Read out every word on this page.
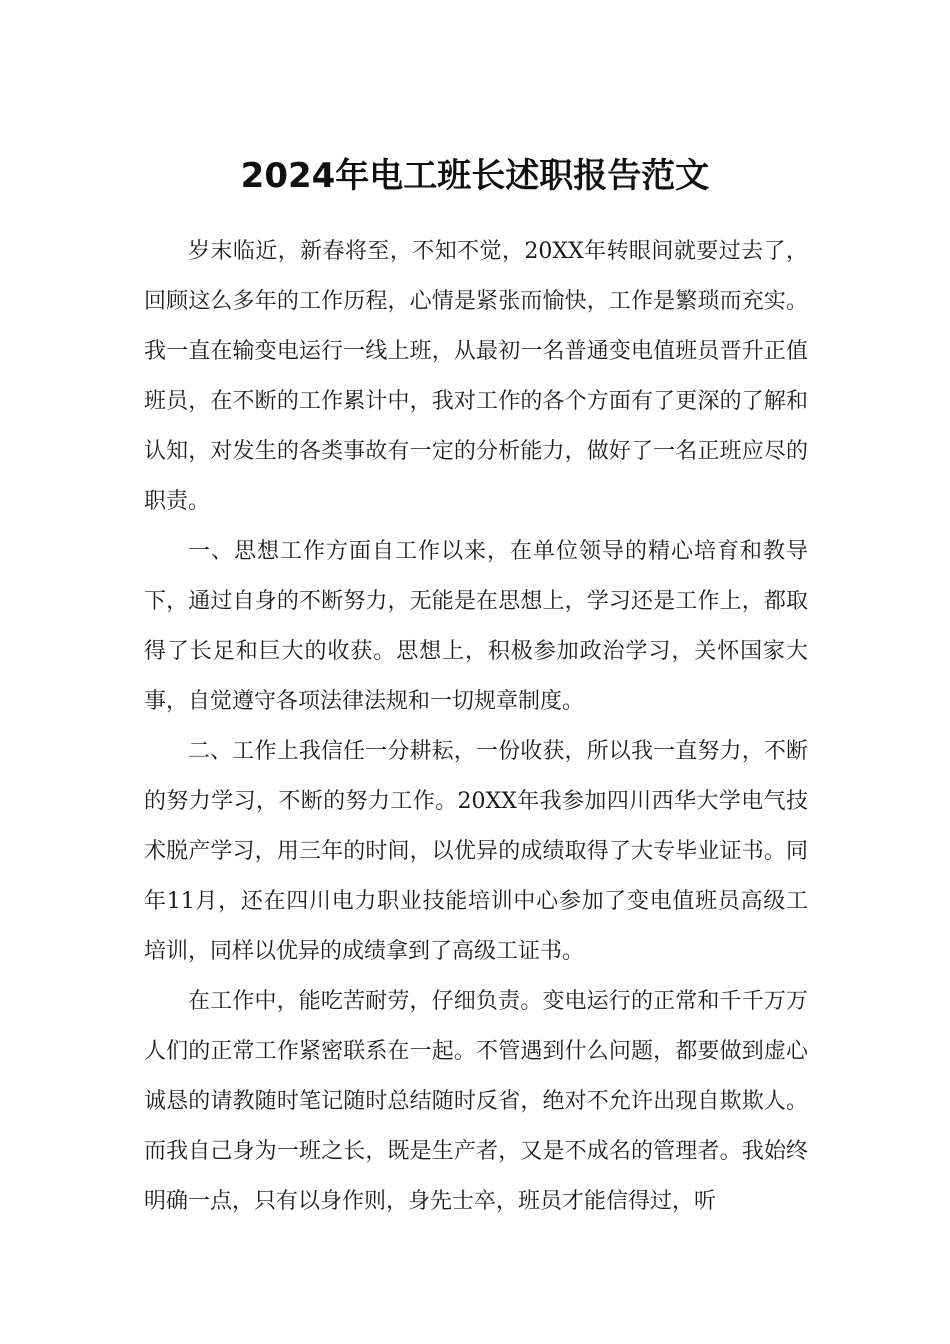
2024年电工班长述职报告范文

岁末临近，新春将至，不知不觉，20XX年转眼间就要过去了，回顾这么多年的工作历程，心情是紧张而愉快，工作是繁琐而充实。我一直在输变电运行一线上班，从最初一名普通变电值班员晋升正值班员，在不断的工作累计中，我对工作的各个方面有了更深的了解和认知，对发生的各类事故有一定的分析能力，做好了一名正班应尽的职责。

一、思想工作方面自工作以来，在单位领导的精心培育和教导下，通过自身的不断努力，无能是在思想上，学习还是工作上，都取得了长足和巨大的收获。思想上，积极参加政治学习，关怀国家大事，自觉遵守各项法律法规和一切规章制度。

二、工作上我信任一分耕耘，一份收获，所以我一直努力，不断的努力学习，不断的努力工作。20XX年我参加四川西华大学电气技术脱产学习，用三年的时间，以优异的成绩取得了大专毕业证书。同年11月，还在四川电力职业技能培训中心参加了变电值班员高级工培训，同样以优异的成绩拿到了高级工证书。

在工作中，能吃苦耐劳，仔细负责。变电运行的正常和千千万万人们的正常工作紧密联系在一起。不管遇到什么问题，都要做到虚心诚恳的请教随时笔记随时总结随时反省，绝对不允许出现自欺欺人。而我自己身为一班之长，既是生产者，又是不成名的管理者。我始终明确一点，只有以身作则，身先士卒，班员才能信得过，听
